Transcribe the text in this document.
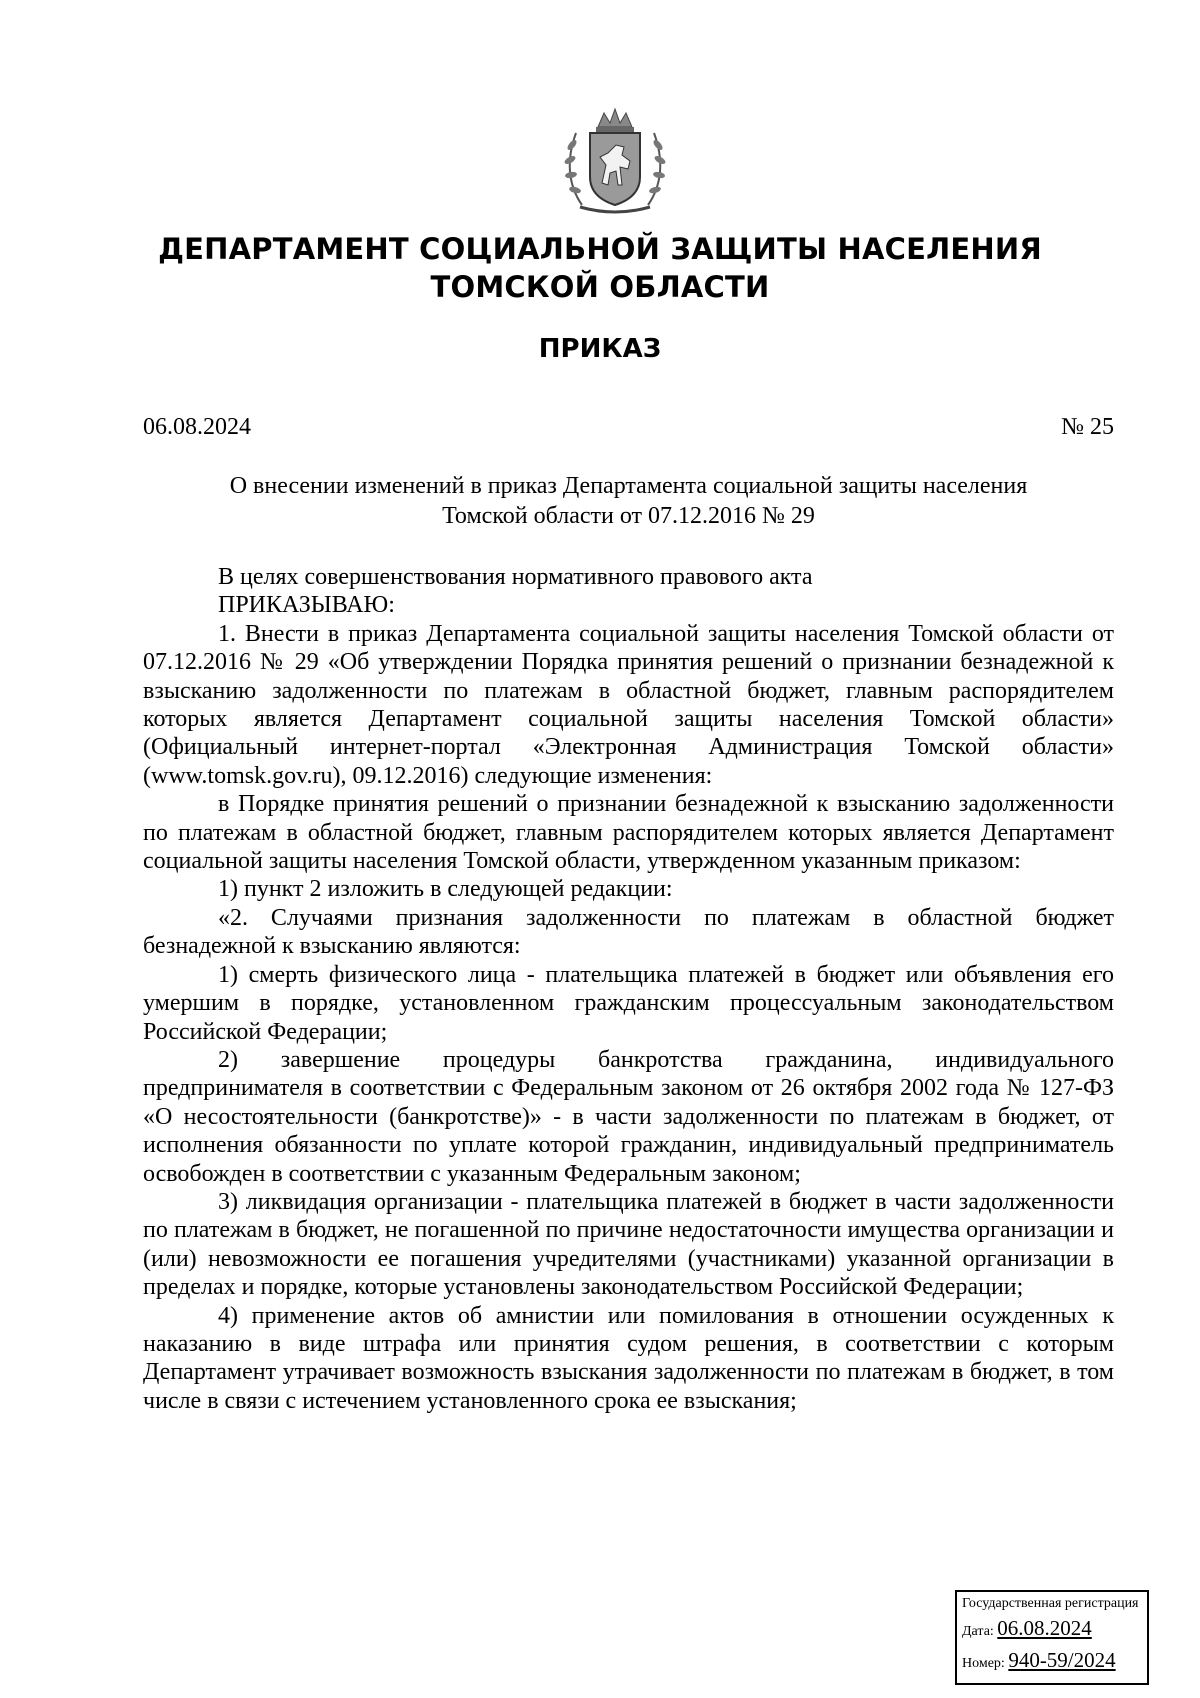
ДЕПАРТАМЕНТ СОЦИАЛЬНОЙ ЗАЩИТЫ НАСЕЛЕНИЯ
ТОМСКОЙ ОБЛАСТИ
ПРИКАЗ
06.08.2024	№ 25
О внесении изменений в приказ Департамента социальной защиты населения
Томской области от 07.12.2016 № 29

В целях совершенствования нормативного правового акта

ПРИКАЗЫВАЮ:

1. Внести в приказ Департамента социальной защиты населения Томской области от 07.12.2016 № 29 «Об утверждении Порядка принятия решений о признании безнадежной к взысканию задолженности по платежам в областной бюджет, главным распорядителем которых является Департамент социальной защиты населения Томской области» (Официальный интернет-портал «Электронная Администрация Томской области» (www.tomsk.gov.ru), 09.12.2016) следующие изменения:

в Порядке принятия решений о признании безнадежной к взысканию задолженности по платежам в областной бюджет, главным распорядителем которых является Департамент социальной защиты населения Томской области, утвержденном указанным приказом:

1) пункт 2 изложить в следующей редакции:

«2. Случаями признания задолженности по платежам в областной бюджет безнадежной к взысканию являются:

1) смерть физического лица - плательщика платежей в бюджет или объявления его умершим в порядке, установленном гражданским процессуальным законодательством Российской Федерации;

2) завершение процедуры банкротства гражданина, индивидуального предпринимателя в соответствии с Федеральным законом от 26 октября 2002 года № 127-ФЗ «О несостоятельности (банкротстве)» - в части задолженности по платежам в бюджет, от исполнения обязанности по уплате которой гражданин, индивидуальный предприниматель освобожден в соответствии с указанным Федеральным законом;

3) ликвидация организации - плательщика платежей в бюджет в части задолженности по платежам в бюджет, не погашенной по причине недостаточности имущества организации и (или) невозможности ее погашения учредителями (участниками) указанной организации в пределах и порядке, которые установлены законодательством Российской Федерации;

4) применение актов об амнистии или помилования в отношении осужденных к наказанию в виде штрафа или принятия судом решения, в соответствии с которым Департамент утрачивает возможность взыскания задолженности по платежам в бюджет, в том числе в связи с истечением установленного срока ее взыскания;

Государственная регистрация
Дата: 06.08.2024
Номер: 940-59/2024
